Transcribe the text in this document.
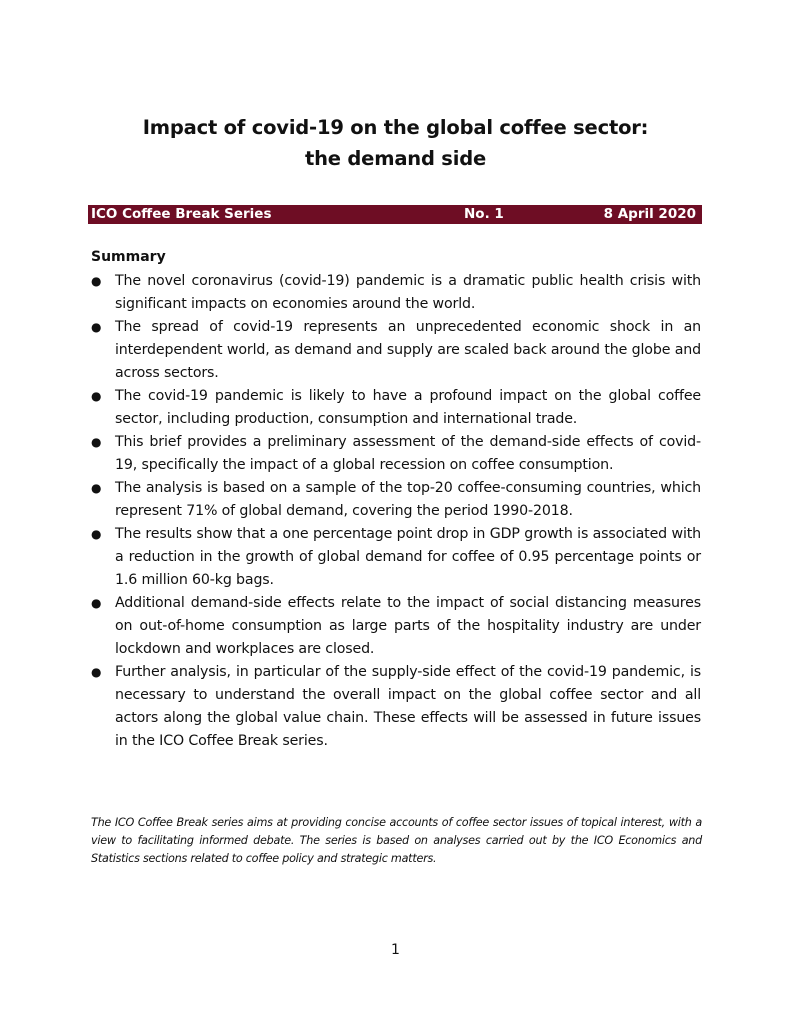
Impact of covid-19 on the global coffee sector:
the demand side
ICO Coffee Break Series	No. 1	8 April 2020
Summary
● The novel coronavirus (covid-19) pandemic is a dramatic public health crisis with significant impacts on economies around the world.
● The spread of covid-19 represents an unprecedented economic shock in an interdependent world, as demand and supply are scaled back around the globe and across sectors.
● The covid-19 pandemic is likely to have a profound impact on the global coffee sector, including production, consumption and international trade.
● This brief provides a preliminary assessment of the demand-side effects of covid-19, specifically the impact of a global recession on coffee consumption.
● The analysis is based on a sample of the top-20 coffee-consuming countries, which represent 71% of global demand, covering the period 1990-2018.
● The results show that a one percentage point drop in GDP growth is associated with a reduction in the growth of global demand for coffee of 0.95 percentage points or 1.6 million 60-kg bags.
● Additional demand-side effects relate to the impact of social distancing measures on out-of-home consumption as large parts of the hospitality industry are under lockdown and workplaces are closed.
● Further analysis, in particular of the supply-side effect of the covid-19 pandemic, is necessary to understand the overall impact on the global coffee sector and all actors along the global value chain. These effects will be assessed in future issues in the ICO Coffee Break series.
The ICO Coffee Break series aims at providing concise accounts of coffee sector issues of topical interest, with a view to facilitating informed debate. The series is based on analyses carried out by the ICO Economics and Statistics sections related to coffee policy and strategic matters.
1
